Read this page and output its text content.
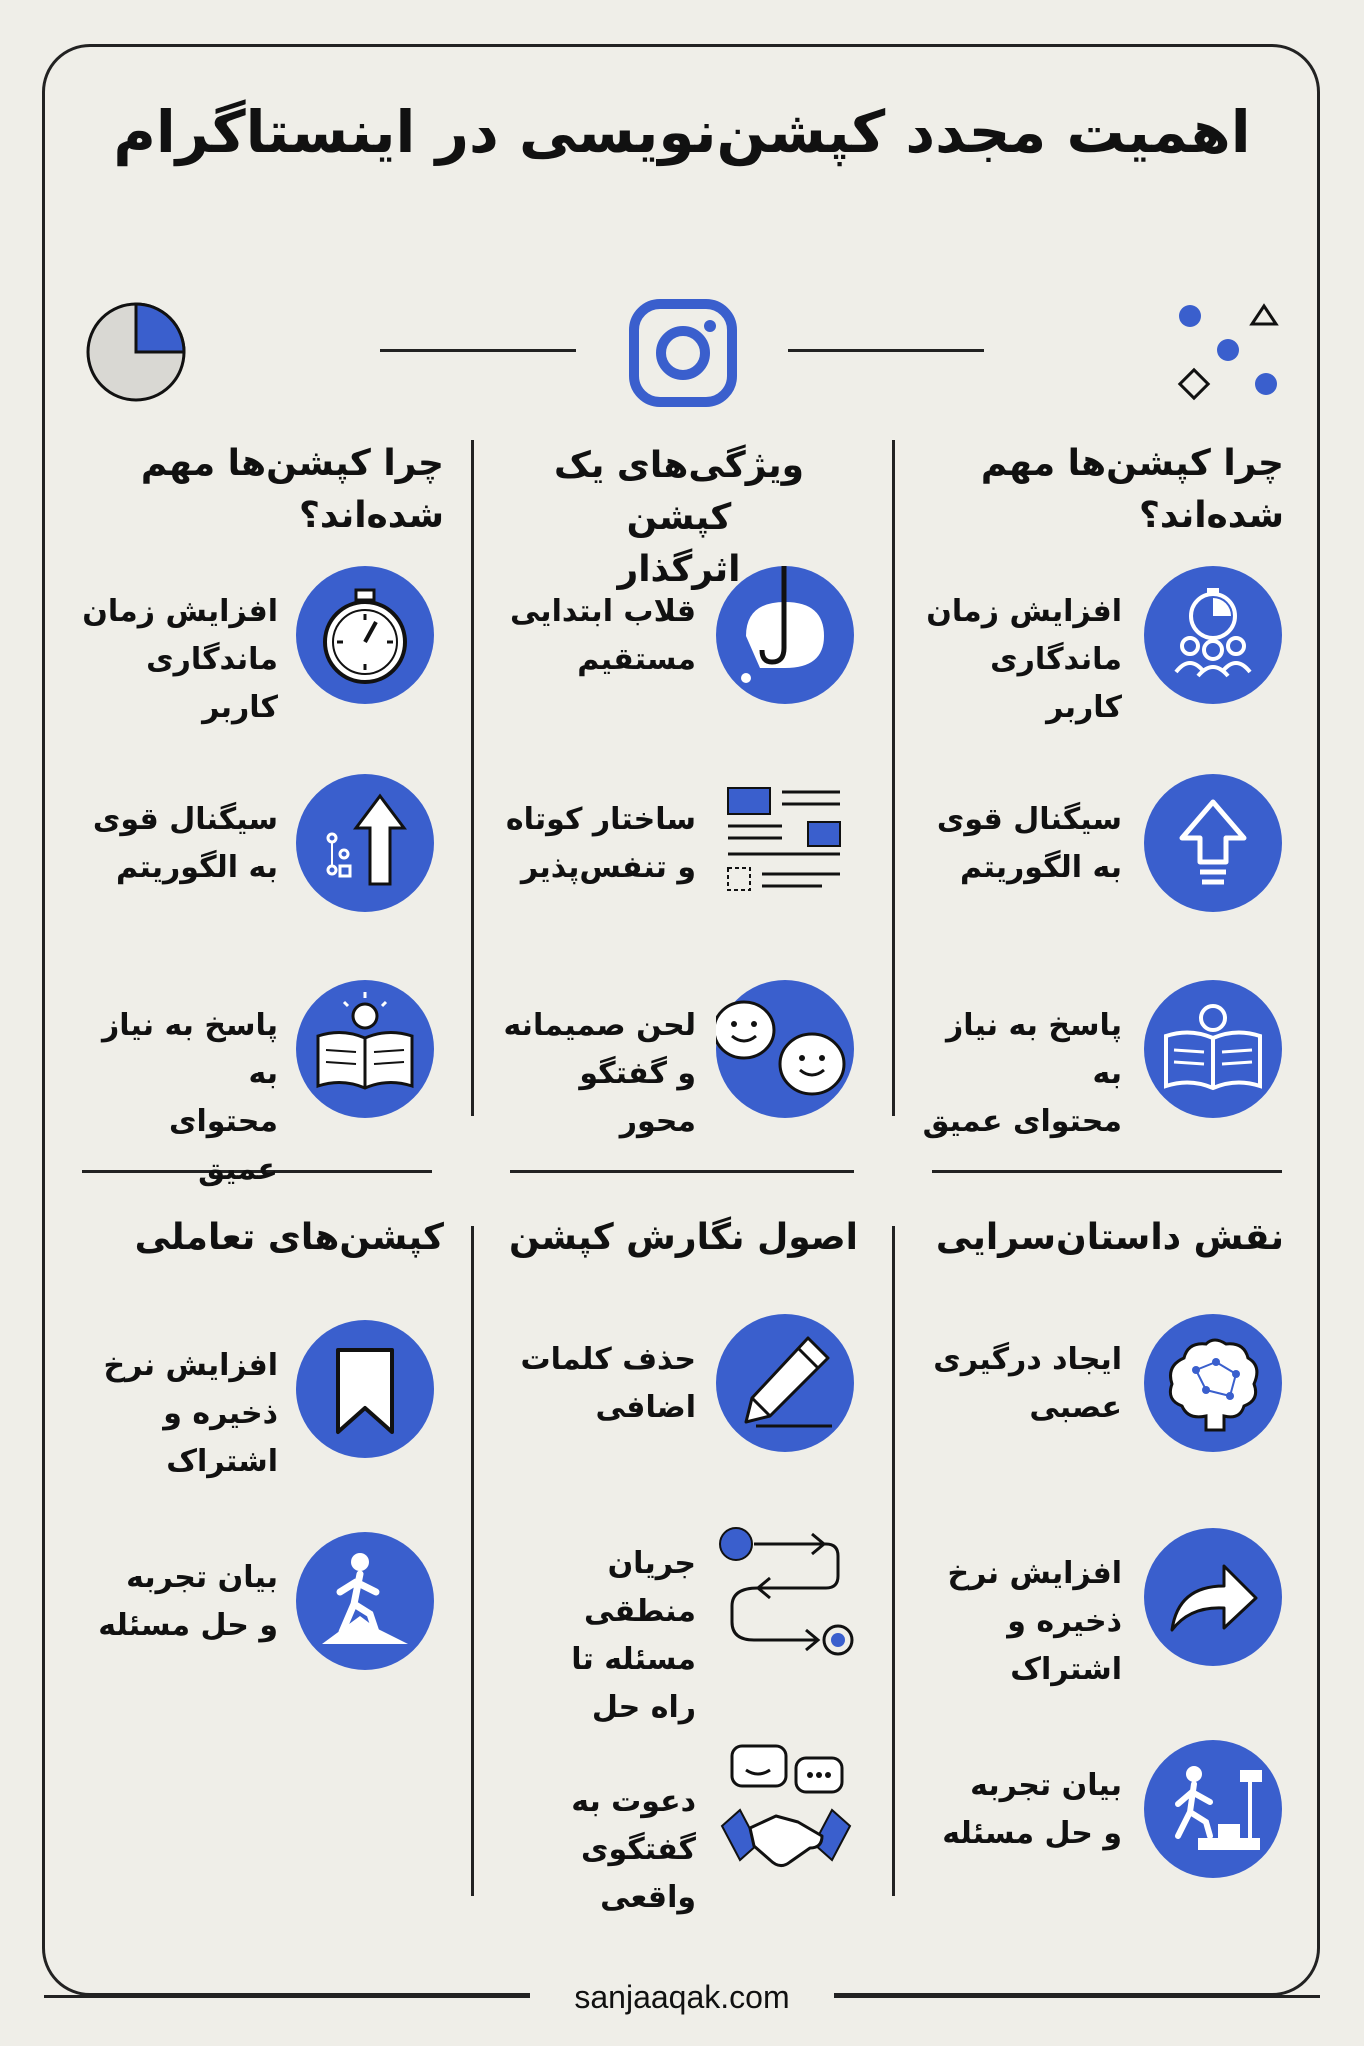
اهمیت مجدد کپشن‌نویسی در اینستاگرام
چرا کپشن‌ها مهم شده‌اند؟
افزایش زمان
ماندگاری کاربر
سیگنال قوی
به الگوریتم
پاسخ به نیاز به
محتوای عمیق
ویژگی‌های یک کپشن
اثرگذار
قلاب ابتدایی
مستقیم
ساختار کوتاه
و تنفس‌پذیر
لحن صمیمانه
و گفتگو محور
چرا کپشن‌ها مهم شده‌اند؟
افزایش زمان
ماندگاری کاربر
سیگنال قوی
به الگوریتم
پاسخ به نیاز به
محتوای عمیق
نقش داستان‌سرایی
ایجاد درگیری
عصبی
افزایش نرخ
ذخیره و اشتراک
بیان تجربه
و حل مسئله
اصول نگارش کپشن
حذف کلمات
اضافی
جریان منطقی
مسئله تا
راه حل
دعوت به
گفتگوی واقعی
کپشن‌های تعاملی
افزایش نرخ
ذخیره و اشتراک
بیان تجربه
و حل مسئله
sanjaaqak.com
